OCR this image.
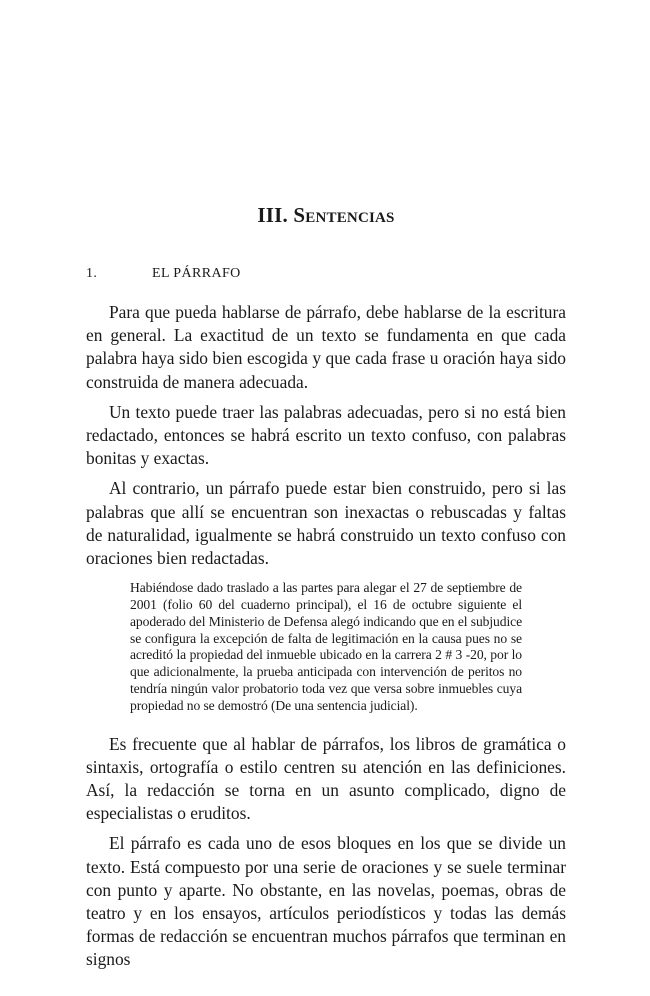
III. Sentencias
1.	EL PÁRRAFO

Para que pueda hablarse de párrafo, debe hablarse de la escritura en general. La exactitud de un texto se fundamenta en que cada palabra haya sido bien escogida y que cada frase u oración haya sido construida de manera adecuada.

Un texto puede traer las palabras adecuadas, pero si no está bien redactado, entonces se habrá escrito un texto confuso, con palabras bonitas y exactas.

Al contrario, un párrafo puede estar bien construido, pero si las palabras que allí se encuentran son inexactas o rebuscadas y faltas de naturalidad, igualmente se habrá construido un texto confuso con oraciones bien redactadas.

Habiéndose dado traslado a las partes para alegar el 27 de septiembre de 2001 (folio 60 del cuaderno principal), el 16 de octubre siguiente el apoderado del Ministerio de Defensa alegó indicando que en el subjudice se configura la excepción de falta de legitimación en la causa pues no se acreditó la propiedad del inmueble ubicado en la carrera 2 # 3 -20, por lo que adicionalmente, la prueba anticipada con intervención de peritos no tendría ningún valor probatorio toda vez que versa sobre inmuebles cuya propiedad no se demostró (De una sentencia judicial).

Es frecuente que al hablar de párrafos, los libros de gramática o sintaxis, ortografía o estilo centren su atención en las definiciones. Así, la redacción se torna en un asunto complicado, digno de especialistas o eruditos.

El párrafo es cada uno de esos bloques en los que se divide un texto. Está compuesto por una serie de oraciones y se suele terminar con punto y aparte. No obstante, en las novelas, poemas, obras de teatro y en los ensayos, artículos periodísticos y todas las demás formas de redacción se encuentran muchos párrafos que terminan en signos
